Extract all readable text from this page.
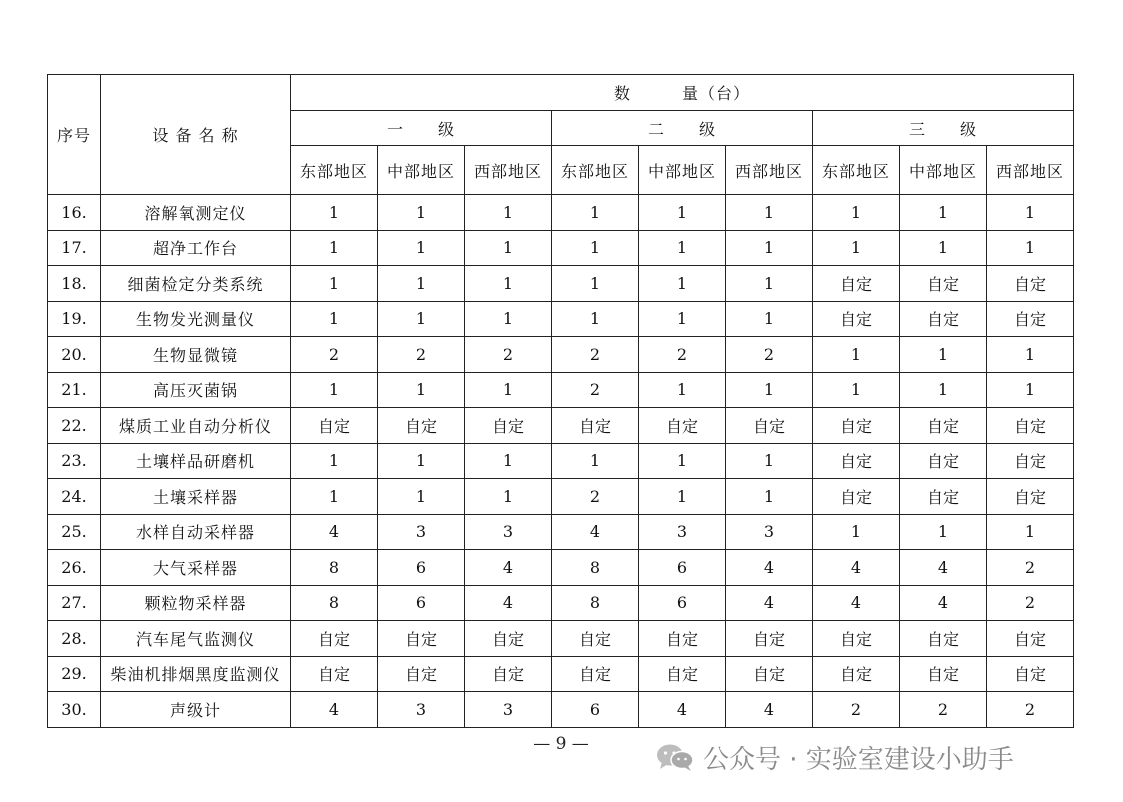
序号	设 备 名 称	数　　　量（台）								
		一　　级			二　　级			三　　级		
		东部地区	中部地区	西部地区	东部地区	中部地区	西部地区	东部地区	中部地区	西部地区
16.	溶解氧测定仪	1	1	1	1	1	1	1	1	1
17.	超净工作台	1	1	1	1	1	1	1	1	1
18.	细菌检定分类系统	1	1	1	1	1	1	自定	自定	自定
19.	生物发光测量仪	1	1	1	1	1	1	自定	自定	自定
20.	生物显微镜	2	2	2	2	2	2	1	1	1
21.	高压灭菌锅	1	1	1	2	1	1	1	1	1
22.	煤质工业自动分析仪	自定	自定	自定	自定	自定	自定	自定	自定	自定
23.	土壤样品研磨机	1	1	1	1	1	1	自定	自定	自定
24.	土壤采样器	1	1	1	2	1	1	自定	自定	自定
25.	水样自动采样器	4	3	3	4	3	3	1	1	1
26.	大气采样器	8	6	4	8	6	4	4	4	2
27.	颗粒物采样器	8	6	4	8	6	4	4	4	2
28.	汽车尾气监测仪	自定	自定	自定	自定	自定	自定	自定	自定	自定
29.	柴油机排烟黑度监测仪	自定	自定	自定	自定	自定	自定	自定	自定	自定
30.	声级计	4	3	3	6	4	4	2	2	2
— 9 —
公众号 · 实验室建设小助手
